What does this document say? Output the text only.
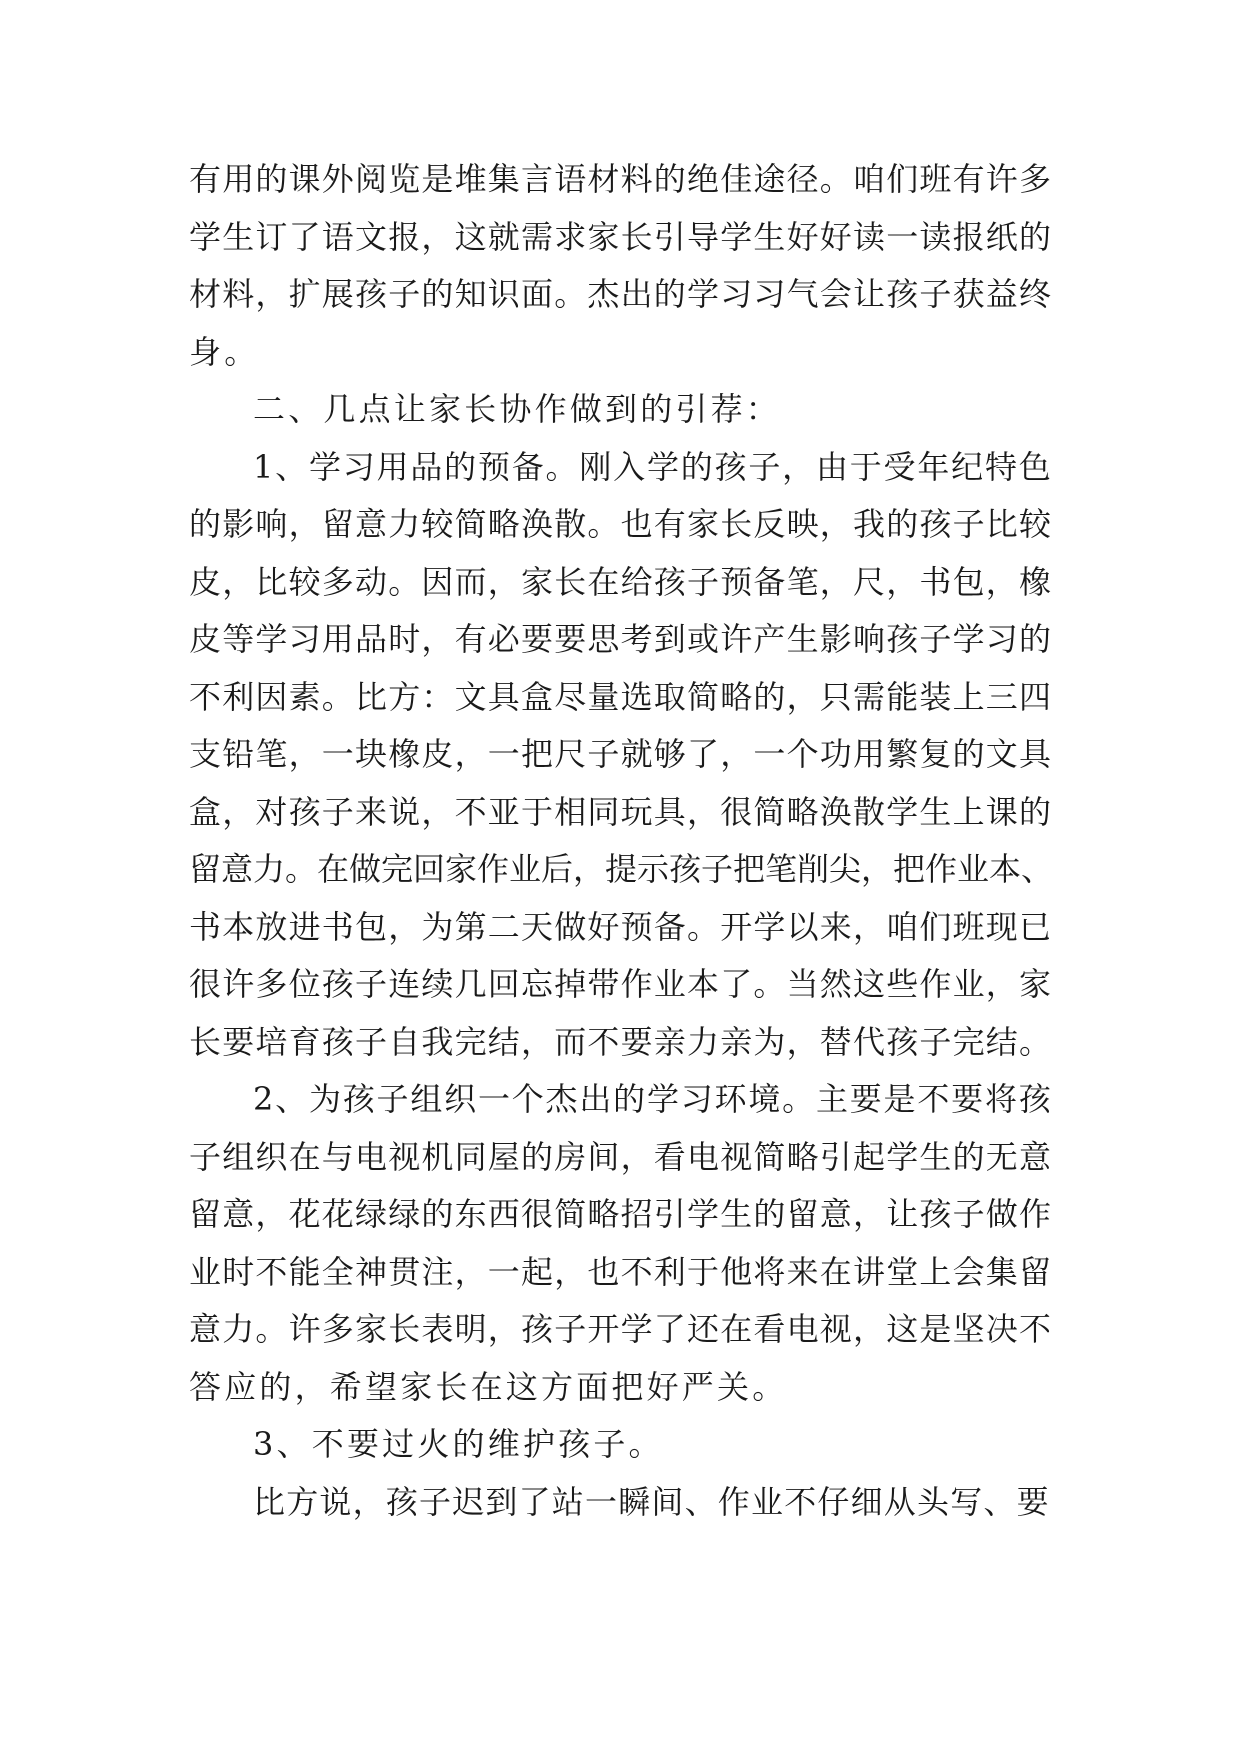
有用的课外阅览是堆集言语材料的绝佳途径。咱们班有许多
学生订了语文报，这就需求家长引导学生好好读一读报纸的
材料，扩展孩子的知识面。杰出的学习习气会让孩子获益终
身。
二、几点让家长协作做到的引荐：
1、学习用品的预备。刚入学的孩子，由于受年纪特色
的影响，留意力较简略涣散。也有家长反映，我的孩子比较
皮，比较多动。因而，家长在给孩子预备笔，尺，书包，橡
皮等学习用品时，有必要要思考到或许产生影响孩子学习的
不利因素。比方：文具盒尽量选取简略的，只需能装上三四
支铅笔，一块橡皮，一把尺子就够了，一个功用繁复的文具
盒，对孩子来说，不亚于相同玩具，很简略涣散学生上课的
留意力。在做完回家作业后，提示孩子把笔削尖，把作业本、
书本放进书包，为第二天做好预备。开学以来，咱们班现已
很许多位孩子连续几回忘掉带作业本了。当然这些作业，家
长要培育孩子自我完结，而不要亲力亲为，替代孩子完结。
2、为孩子组织一个杰出的学习环境。主要是不要将孩
子组织在与电视机同屋的房间，看电视简略引起学生的无意
留意，花花绿绿的东西很简略招引学生的留意，让孩子做作
业时不能全神贯注，一起，也不利于他将来在讲堂上会集留
意力。许多家长表明，孩子开学了还在看电视，这是坚决不
答应的，希望家长在这方面把好严关。
3、不要过火的维护孩子。
比方说，孩子迟到了站一瞬间、作业不仔细从头写、要
